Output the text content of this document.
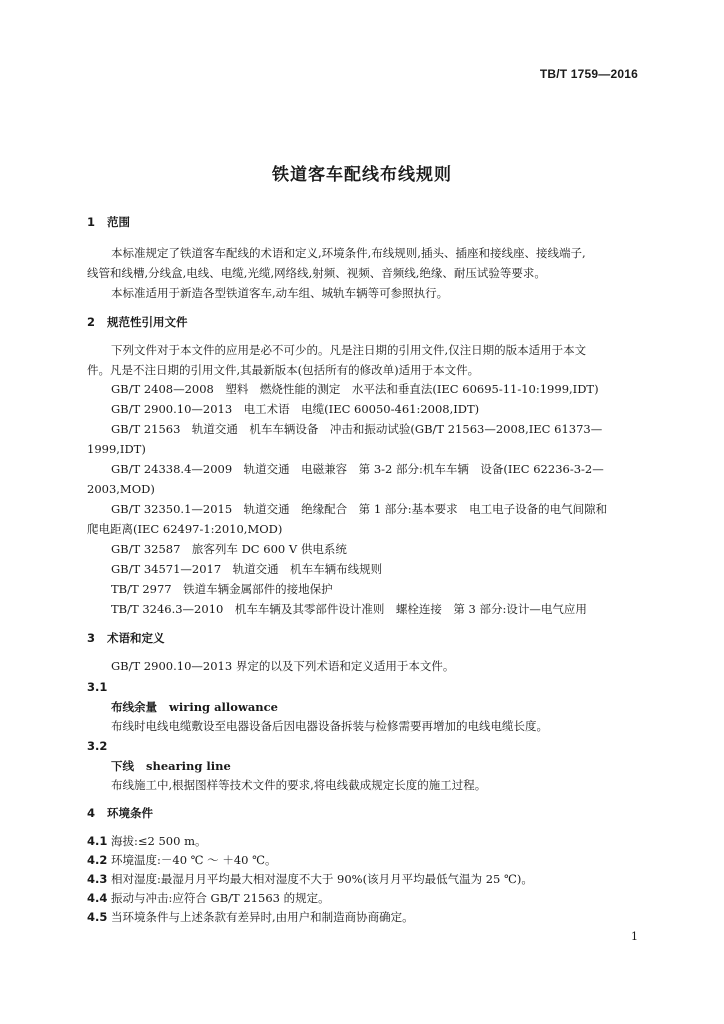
TB/T 1759—2016
铁道客车配线布线规则
1 范围
本标准规定了铁道客车配线的术语和定义,环境条件,布线规则,插头、插座和接线座、接线端子,
线管和线槽,分线盒,电线、电缆,光缆,网络线,射频、视频、音频线,绝缘、耐压试验等要求。
本标准适用于新造各型铁道客车,动车组、城轨车辆等可参照执行。
2 规范性引用文件
下列文件对于本文件的应用是必不可少的。凡是注日期的引用文件,仅注日期的版本适用于本文
件。凡是不注日期的引用文件,其最新版本(包括所有的修改单)适用于本文件。
GB/T 2408—2008　塑料　燃烧性能的测定　水平法和垂直法(IEC 60695-11-10:1999,IDT)
GB/T 2900.10—2013　电工术语　电缆(IEC 60050-461:2008,IDT)
GB/T 21563　轨道交通　机车车辆设备　冲击和振动试验(GB/T 21563—2008,IEC 61373—
1999,IDT)
GB/T 24338.4—2009　轨道交通　电磁兼容　第 3-2 部分:机车车辆　设备(IEC 62236-3-2—
2003,MOD)
GB/T 32350.1—2015　轨道交通　绝缘配合　第 1 部分:基本要求　电工电子设备的电气间隙和
爬电距离(IEC 62497-1:2010,MOD)
GB/T 32587　旅客列车 DC 600 V 供电系统
GB/T 34571—2017　轨道交通　机车车辆布线规则
TB/T 2977　铁道车辆金属部件的接地保护
TB/T 3246.3—2010　机车车辆及其零部件设计准则　螺栓连接　第 3 部分:设计—电气应用
3 术语和定义
GB/T 2900.10—2013 界定的以及下列术语和定义适用于本文件。
3.1
布线余量 wiring allowance
布线时电线电缆敷设至电器设备后因电器设备拆装与检修需要再增加的电线电缆长度。
3.2
下线 shearing line
布线施工中,根据图样等技术文件的要求,将电线截成规定长度的施工过程。
4 环境条件
4.1 海拔:≤2 500 m。
4.2 环境温度:－40 ℃ ～ ＋40 ℃。
4.3 相对湿度:最湿月月平均最大相对湿度不大于 90%(该月月平均最低气温为 25 ℃)。
4.4 振动与冲击:应符合 GB/T 21563 的规定。
4.5 当环境条件与上述条款有差异时,由用户和制造商协商确定。
1
